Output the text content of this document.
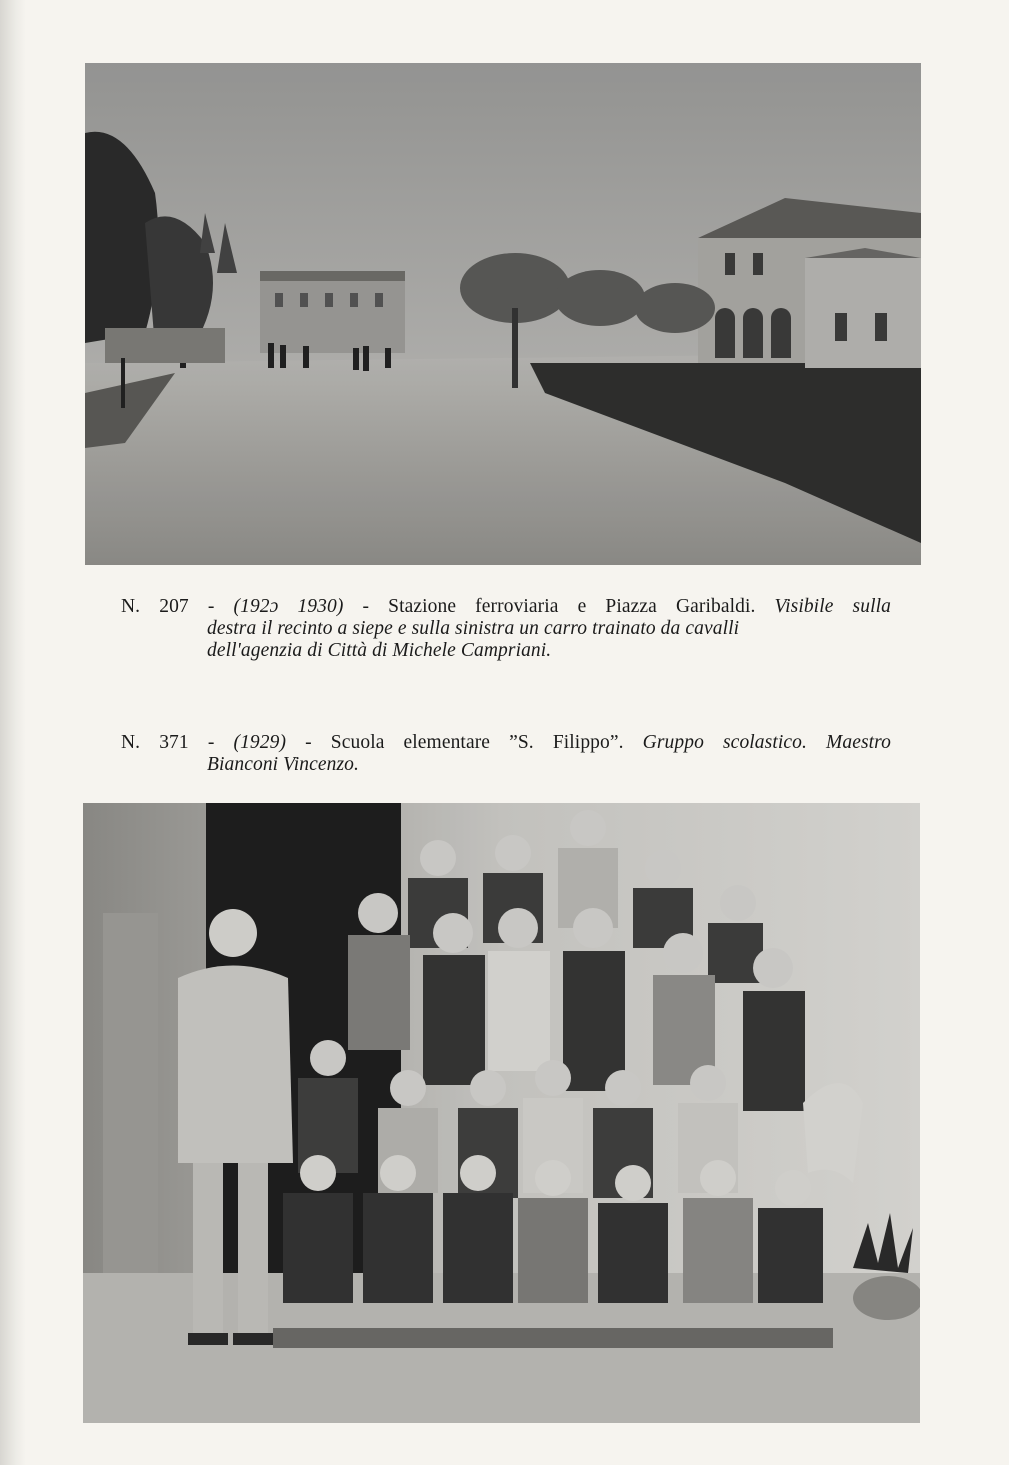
N. 207 - (192ɔ 1930) - Stazione ferroviaria e Piazza Garibaldi. Visibile sulla
destra il recinto a siepe e sulla sinistra un carro trainato da cavalli
dell'agenzia di Città di Michele Campriani.
N. 371 - (1929) - Scuola elementare ”S. Filippo”. Gruppo scolastico. Maestro
Bianconi Vincenzo.
